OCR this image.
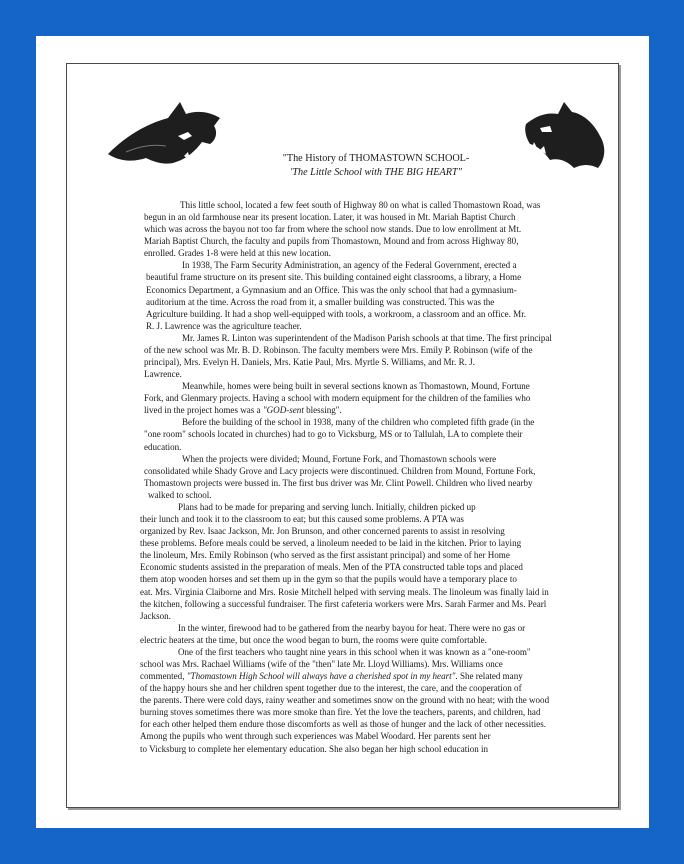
"The History of THOMASTOWN SCHOOL-
'The Little School with THE BIG HEART"
This little school, located a few feet south of Highway 80 on what is called Thomastown Road, was
begun in an old farmhouse near its present location. Later, it was housed in Mt. Mariah Baptist Church
which was across the bayou not too far from where the school now stands. Due to low enrollment at Mt.
Mariah Baptist Church, the faculty and pupils from Thomastown, Mound and from across Highway 80,
enrolled. Grades 1-8 were held at this new location.
In 1938, The Farm Security Administration, an agency of the Federal Government, erected a
beautiful frame structure on its present site. This building contained eight classrooms, a library, a Home
Economics Department, a Gymnasium and an Office. This was the only school that had a gymnasium-
auditorium at the time. Across the road from it, a smaller building was constructed. This was the
Agriculture building. It had a shop well-equipped with tools, a workroom, a classroom and an office. Mr.
R. J. Lawrence was the agriculture teacher.
Mr. James R. Linton was superintendent of the Madison Parish schools at that time. The first principal
of the new school was Mr. B. D. Robinson. The faculty members were Mrs. Emily P. Robinson (wife of the
principal), Mrs. Evelyn H. Daniels, Mrs. Katie Paul, Mrs. Myrtle S. Williams, and Mr. R. J.
Lawrence.
Meanwhile, homes were being built in several sections known as Thomastown, Mound, Fortune
Fork, and Glenmary projects. Having a school with modern equipment for the children of the families who
lived in the project homes was a "GOD-sent blessing".
Before the building of the school in 1938, many of the children who completed fifth grade (in the
"one room" schools located in churches) had to go to Vicksburg, MS or to Tallulah, LA to complete their
education.
When the projects were divided; Mound, Fortune Fork, and Thomastown schools were
consolidated while Shady Grove and Lacy projects were discontinued. Children from Mound, Fortune Fork,
Thomastown projects were bussed in. The first bus driver was Mr. Clint Powell. Children who lived nearby
walked to school.
Plans had to be made for preparing and serving lunch. Initially, children picked up
their lunch and took it to the classroom to eat; but this caused some problems. A PTA was
organized by Rev. Isaac Jackson, Mr. Jon Brunson, and other concerned parents to assist in resolving
these problems. Before meals could be served, a linoleum needed to be laid in the kitchen. Prior to laying
the linoleum, Mrs. Emily Robinson (who served as the first assistant principal) and some of her Home
Economic students assisted in the preparation of meals. Men of the PTA constructed table tops and placed
them atop wooden horses and set them up in the gym so that the pupils would have a temporary place to
eat. Mrs. Virginia Claiborne and Mrs. Rosie Mitchell helped with serving meals. The linoleum was finally laid in
the kitchen, following a successful fundraiser. The first cafeteria workers were Mrs. Sarah Farmer and Ms. Pearl
Jackson.
In the winter, firewood had to be gathered from the nearby bayou for heat. There were no gas or
electric heaters at the time, but once the wood began to burn, the rooms were quite comfortable.
One of the first teachers who taught nine years in this school when it was known as a "one-room"
school was Mrs. Rachael Williams (wife of the "then" late Mr. Lloyd Williams). Mrs. Williams once
commented, "Thomastown High School will always have a cherished spot in my heart". She related many
of the happy hours she and her children spent together due to the interest, the care, and the cooperation of
the parents. There were cold days, rainy weather and sometimes snow on the ground with no heat; with the wood
burning stoves sometimes there was more smoke than fire. Yet the love the teachers, parents, and children, had
for each other helped them endure those discomforts as well as those of hunger and the lack of other necessities.
Among the pupils who went through such experiences was Mabel Woodard. Her parents sent her
to Vicksburg to complete her elementary education. She also began her high school education in
